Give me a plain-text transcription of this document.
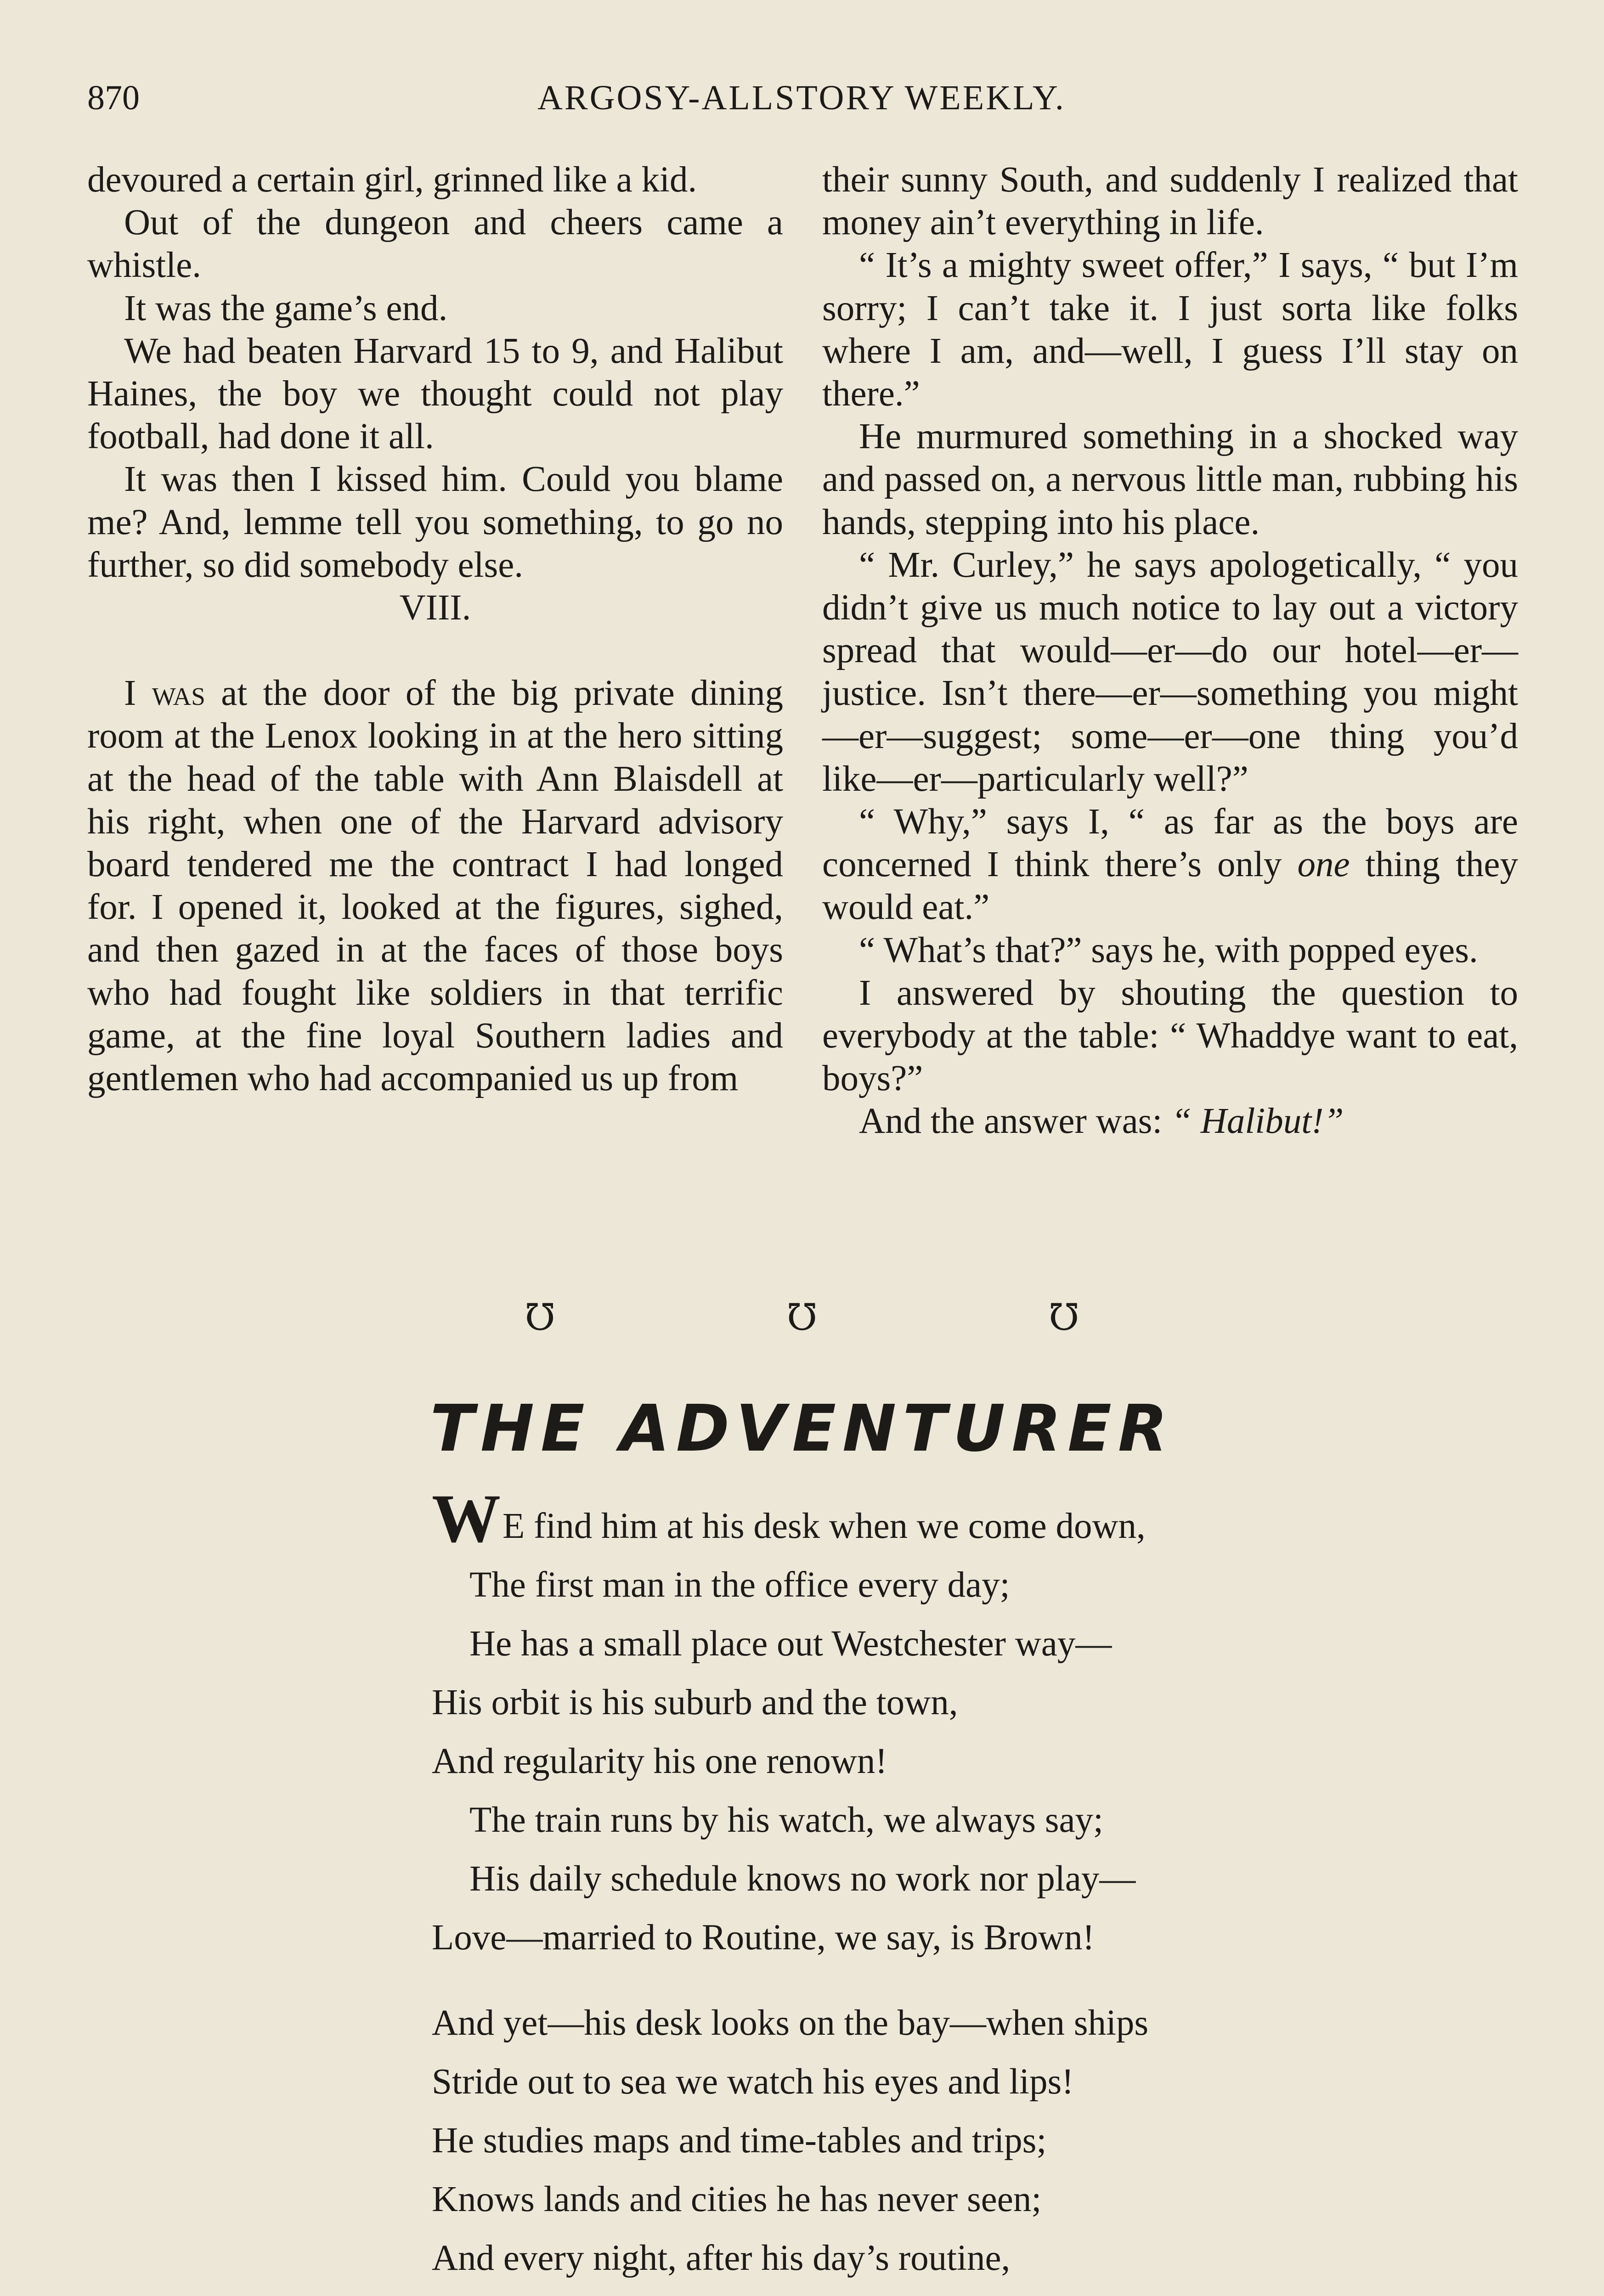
870	ARGOSY-ALLSTORY WEEKLY.

devoured a certain girl, grinned like a kid.

Out of the dungeon and cheers came a whistle.

It was the game’s end.

We had beaten Harvard 15 to 9, and Halibut Haines, the boy we thought could not play football, had done it all.

It was then I kissed him. Could you blame me? And, lemme tell you something, to go no further, so did somebody else.

VIII.

I was at the door of the big private dining room at the Lenox looking in at the hero sitting at the head of the table with Ann Blaisdell at his right, when one of the Harvard advisory board tendered me the contract I had longed for. I opened it, looked at the figures, sighed, and then gazed in at the faces of those boys who had fought like soldiers in that terrific game, at the fine loyal Southern ladies and gentlemen who had accompanied us up from

their sunny South, and suddenly I realized that money ain’t everything in life.

“ It’s a mighty sweet offer,” I says, “ but I’m sorry; I can’t take it. I just sorta like folks where I am, and—well, I guess I’ll stay on there.”

He murmured something in a shocked way and passed on, a nervous little man, rubbing his hands, stepping into his place.

“ Mr. Curley,” he says apologetically, “ you didn’t give us much notice to lay out a victory spread that would—er—do our hotel—er—justice. Isn’t there—er—something you might—er—suggest; some—er—one thing you’d like—er—particularly well?”

“ Why,” says I, “ as far as the boys are concerned I think there’s only one thing they would eat.”

“ What’s that?” says he, with popped eyes.

I answered by shouting the question to everybody at the table: “ Whaddye want to eat, boys?”

And the answer was: “ Halibut!”

℧	℧	℧
THE ADVENTURER
W E find him at his desk when we come down,
The first man in the office every day;
He has a small place out Westchester way—
His orbit is his suburb and the town,
And regularity his one renown!
The train runs by his watch, we always say;
His daily schedule knows no work nor play—
Love—married to Routine, we say, is Brown!
And yet—his desk looks on the bay—when ships
Stride out to sea we watch his eyes and lips!
He studies maps and time-tables and trips;
Knows lands and cities he has never seen;
And every night, after his day’s routine,
